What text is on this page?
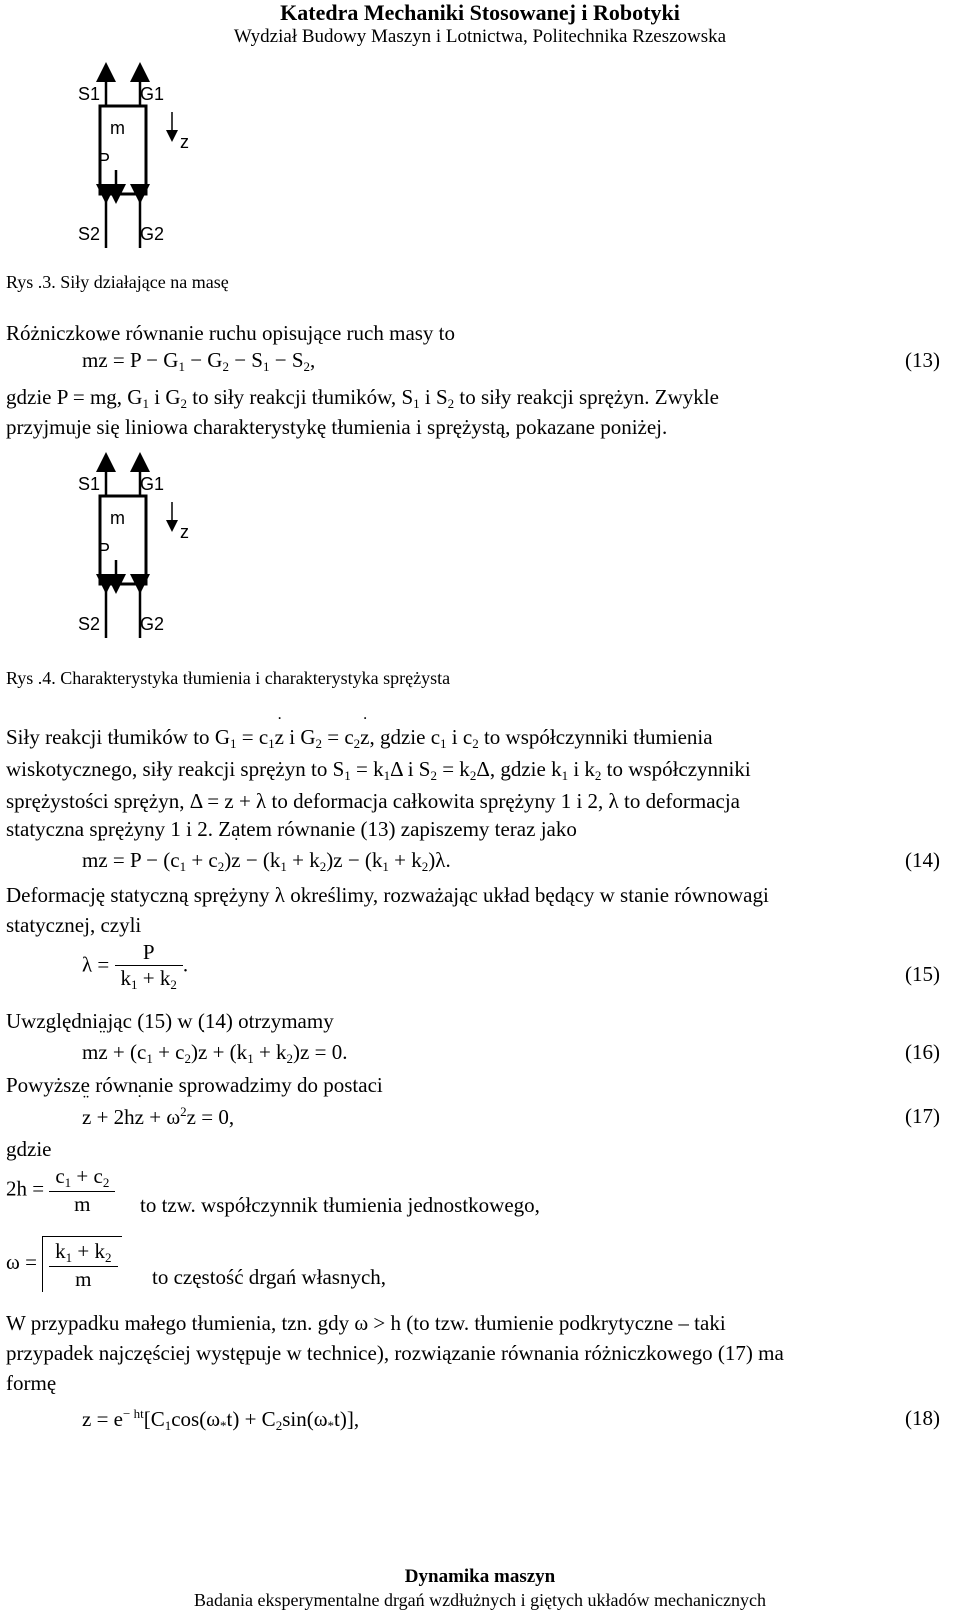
Katedra Mechaniki Stosowanej i Robotyki
Wydział Budowy Maszyn i Lotnictwa, Politechnika Rzeszowska
S1 G1
m
P
z
S2 G2
Rys .3. Siły działające na masę
Różniczkowe równanie ruchu opisujące ruch masy to
m¨ $z = P - G_1 - G_2 - S_1 - S_2$,	(13)
gdzie P = mg, $G_1$ i $G_2$ to siły reakcji tłumików, $S_1$ i $S_2$ to siły reakcji sprężyn. Zwykle
przyjmuje się liniowa charakterystykę tłumienia i sprężystą, pokazane poniżej.
S1 G1
m
P
z
S2 G2
Rys .4. Charakterystyka tłumienia i charakterystyka sprężysta
Siły reakcji tłumików to $G_1$ = $c_1˙$ z i $G_2$ = $c_2˙$ z, gdzie $c_1$ i $c_2$ to współczynniki tłumienia
wiskotycznego, siły reakcji sprężyn to $S_1 = k_1\Delta$ i $S_2 = k_2\Delta$, gdzie $k_1$ i $k_2$ to współczynniki
sprężystości sprężyn, Δ = z + λ to deformacja całkowita sprężyny 1 i 2, λ to deformacja
statyczna sprężyny 1 i 2. Zatem równanie (13) zapiszemy teraz jako
m¨ $z = P - (c_1$ + $c_2)˙$ $z - (k_1 + k_2)z - (k_1 + k_2)\lambda$.	(14)
Deformację statyczną sprężyny λ określimy, rozważając układ będący w stanie równowagi
statycznej, czyli
$\lambda = \frac{P}{k_1 + k_2}$ .	(15)
Uwzględniając (15) w (14) otrzymamy
m¨ $z + (c_1$ + $c_2)˙$ $z + (k_1 + k_2)z = 0$.	(16)
Powyższe równanie sprowadzimy do postaci
¨ z + 2h˙ $z + \omega^2z = 0$,	(17)
gdzie
$2h = \frac{c_1 + c_2}{m}$ to tzw. współczynnik tłumienia jednostkowego,
$\omega = \frac{k_1 + k_2}{m}$ to częstość drgań własnych,
W przypadku małego tłumienia, tzn. gdy ω > h (to tzw. tłumienie podkrytyczne – taki
przypadek najczęściej występuje w technice), rozwiązanie równania różniczkowego (17) ma
formę
$z = e^{- ht}[C_1\cos(\omega_*t) + C_2\sin(\omega_*t)]$,	(18)
Dynamika maszyn
Badania eksperymentalne drgań wzdłużnych i giętych układów mechanicznych
